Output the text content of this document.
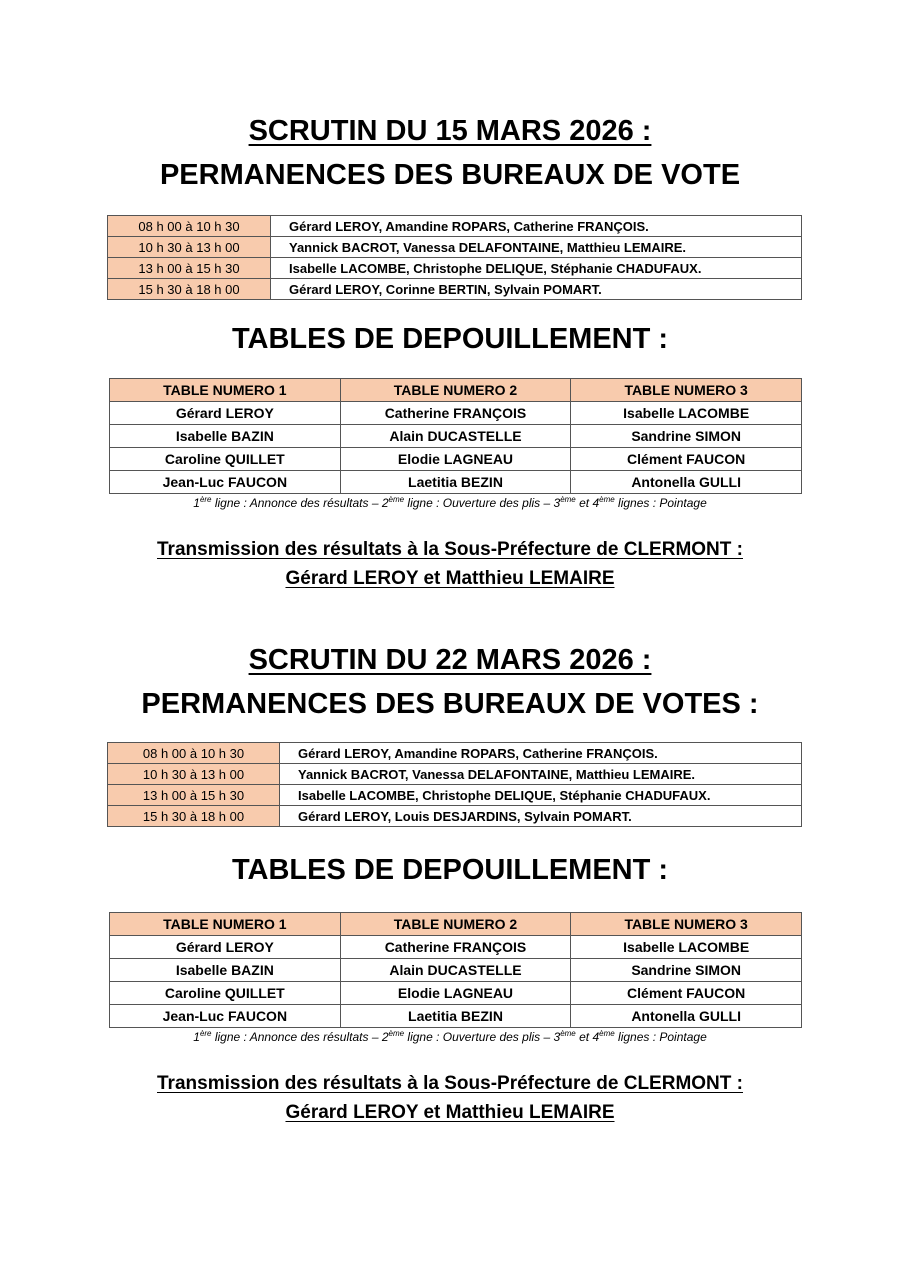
SCRUTIN DU 15 MARS 2026 :
PERMANENCES DES BUREAUX DE VOTE
08 h 00 à 10 h 30	Gérard LEROY, Amandine ROPARS, Catherine FRANÇOIS.
10 h 30 à 13 h 00	Yannick BACROT, Vanessa DELAFONTAINE, Matthieu LEMAIRE.
13 h 00 à 15 h 30	Isabelle LACOMBE, Christophe DELIQUE, Stéphanie CHADUFAUX.
15 h 30 à 18 h 00	Gérard LEROY, Corinne BERTIN, Sylvain POMART.
TABLES DE DEPOUILLEMENT :
TABLE NUMERO 1	TABLE NUMERO 2	TABLE NUMERO 3
Gérard LEROY	Catherine FRANÇOIS	Isabelle LACOMBE
Isabelle BAZIN	Alain DUCASTELLE	Sandrine SIMON
Caroline QUILLET	Elodie LAGNEAU	Clément FAUCON
Jean-Luc FAUCON	Laetitia BEZIN	Antonella GULLI
1ère ligne : Annonce des résultats – 2ème ligne : Ouverture des plis – 3ème et 4ème lignes : Pointage
Transmission des résultats à la Sous-Préfecture de CLERMONT :
Gérard LEROY et Matthieu LEMAIRE
SCRUTIN DU 22 MARS 2026 :
PERMANENCES DES BUREAUX DE VOTES :
08 h 00 à 10 h 30	Gérard LEROY, Amandine ROPARS, Catherine FRANÇOIS.
10 h 30 à 13 h 00	Yannick BACROT, Vanessa DELAFONTAINE, Matthieu LEMAIRE.
13 h 00 à 15 h 30	Isabelle LACOMBE, Christophe DELIQUE, Stéphanie CHADUFAUX.
15 h 30 à 18 h 00	Gérard LEROY, Louis DESJARDINS, Sylvain POMART.
TABLES DE DEPOUILLEMENT :
TABLE NUMERO 1	TABLE NUMERO 2	TABLE NUMERO 3
Gérard LEROY	Catherine FRANÇOIS	Isabelle LACOMBE
Isabelle BAZIN	Alain DUCASTELLE	Sandrine SIMON
Caroline QUILLET	Elodie LAGNEAU	Clément FAUCON
Jean-Luc FAUCON	Laetitia BEZIN	Antonella GULLI
1ère ligne : Annonce des résultats – 2ème ligne : Ouverture des plis – 3ème et 4ème lignes : Pointage
Transmission des résultats à la Sous-Préfecture de CLERMONT :
Gérard LEROY et Matthieu LEMAIRE
